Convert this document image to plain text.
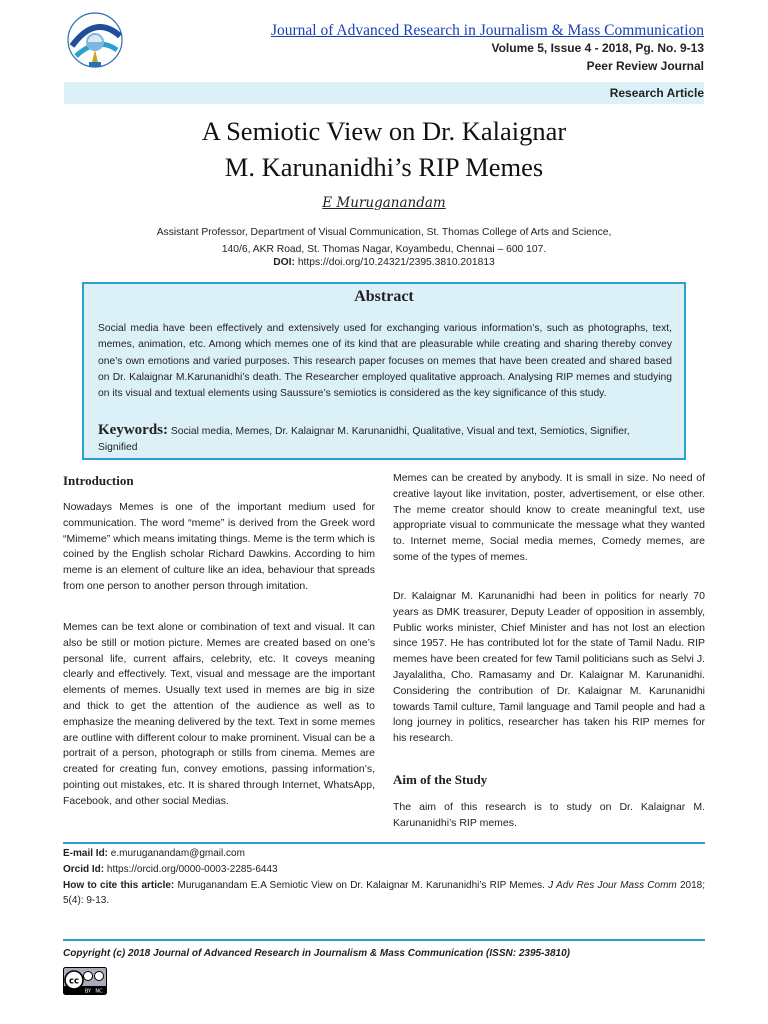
Journal of Advanced Research in Journalism & Mass Communication
Volume 5, Issue 4 - 2018, Pg. No. 9-13
Peer Review Journal
Research Article
A Semiotic View on Dr. Kalaignar
M. Karunanidhi’s RIP Memes
E Muruganandam
Assistant Professor, Department of Visual Communication, St. Thomas College of Arts and Science,
140/6, AKR Road, St. Thomas Nagar, Koyambedu, Chennai – 600 107.
DOI: https://doi.org/10.24321/2395.3810.201813
Abstract
Social media have been effectively and extensively used for exchanging various information’s, such as photographs, text, memes, animation, etc. Among which memes one of its kind that are pleasurable while creating and sharing thereby convey one’s own emotions and varied purposes. This research paper focuses on memes that have been created and shared based on Dr. Kalaignar M.Karunanidhi’s death. The Researcher employed qualitative approach. Analysing RIP memes and studying on its visual and textual elements using Saussure’s semiotics is considered as the key significance of this study.
Keywords: Social media, Memes, Dr. Kalaignar M. Karunanidhi, Qualitative, Visual and text, Semiotics, Signifier, Signified
Introduction
Nowadays Memes is one of the important medium used for communication. The word “meme” is derived from the Greek word “Mimeme” which means imitating things. Meme is the term which is coined by the English scholar Richard Dawkins. According to him meme is an element of culture like an idea, behaviour that spreads from one person to another person through imitation.
Memes can be text alone or combination of text and visual. It can also be still or motion picture. Memes are created based on one’s personal life, current affairs, celebrity, etc. It coveys meaning clearly and effectively. Text, visual and message are the important elements of memes. Usually text used in memes are big in size and thick to get the attention of the audience as well as to emphasize the meaning delivered by the text. Text in some memes are outline with different colour to make prominent. Visual can be a portrait of a person, photograph or stills from cinema. Memes are created for creating fun, convey emotions, passing information’s, pointing out mistakes, etc. It is shared through Internet, WhatsApp, Facebook, and other social Medias.
Memes can be created by anybody. It is small in size. No need of creative layout like invitation, poster, advertisement, or else other. The meme creator should know to create meaningful text, use appropriate visual to communicate the message what they wanted to. Internet meme, Social media memes, Comedy memes, are some of the types of memes.
Dr. Kalaignar M. Karunanidhi had been in politics for nearly 70 years as DMK treasurer, Deputy Leader of opposition in assembly, Public works minister, Chief Minister and has not lost an election since 1957. He has contributed lot for the state of Tamil Nadu. RIP memes have been created for few Tamil politicians such as Selvi J. Jayalalitha, Cho. Ramasamy and Dr. Kalaignar M. Karunanidhi. Considering the contribution of Dr. Kalaignar M. Karunanidhi towards Tamil culture, Tamil language and Tamil people and had a long journey in politics, researcher has taken his RIP memes for his research.
Aim of the Study
The aim of this research is to study on Dr. Kalaignar M. Karunanidhi’s RIP memes.
E-mail Id: e.muruganandam@gmail.com
Orcid Id: https://orcid.org/0000-0003-2285-6443
How to cite this article: Muruganandam E.A Semiotic View on Dr. Kalaignar M. Karunanidhi’s RIP Memes. J Adv Res Jour Mass Comm 2018; 5(4): 9-13.
Copyright (c) 2018 Journal of Advanced Research in Journalism & Mass Communication (ISSN: 2395-3810)
cc
BY NC
